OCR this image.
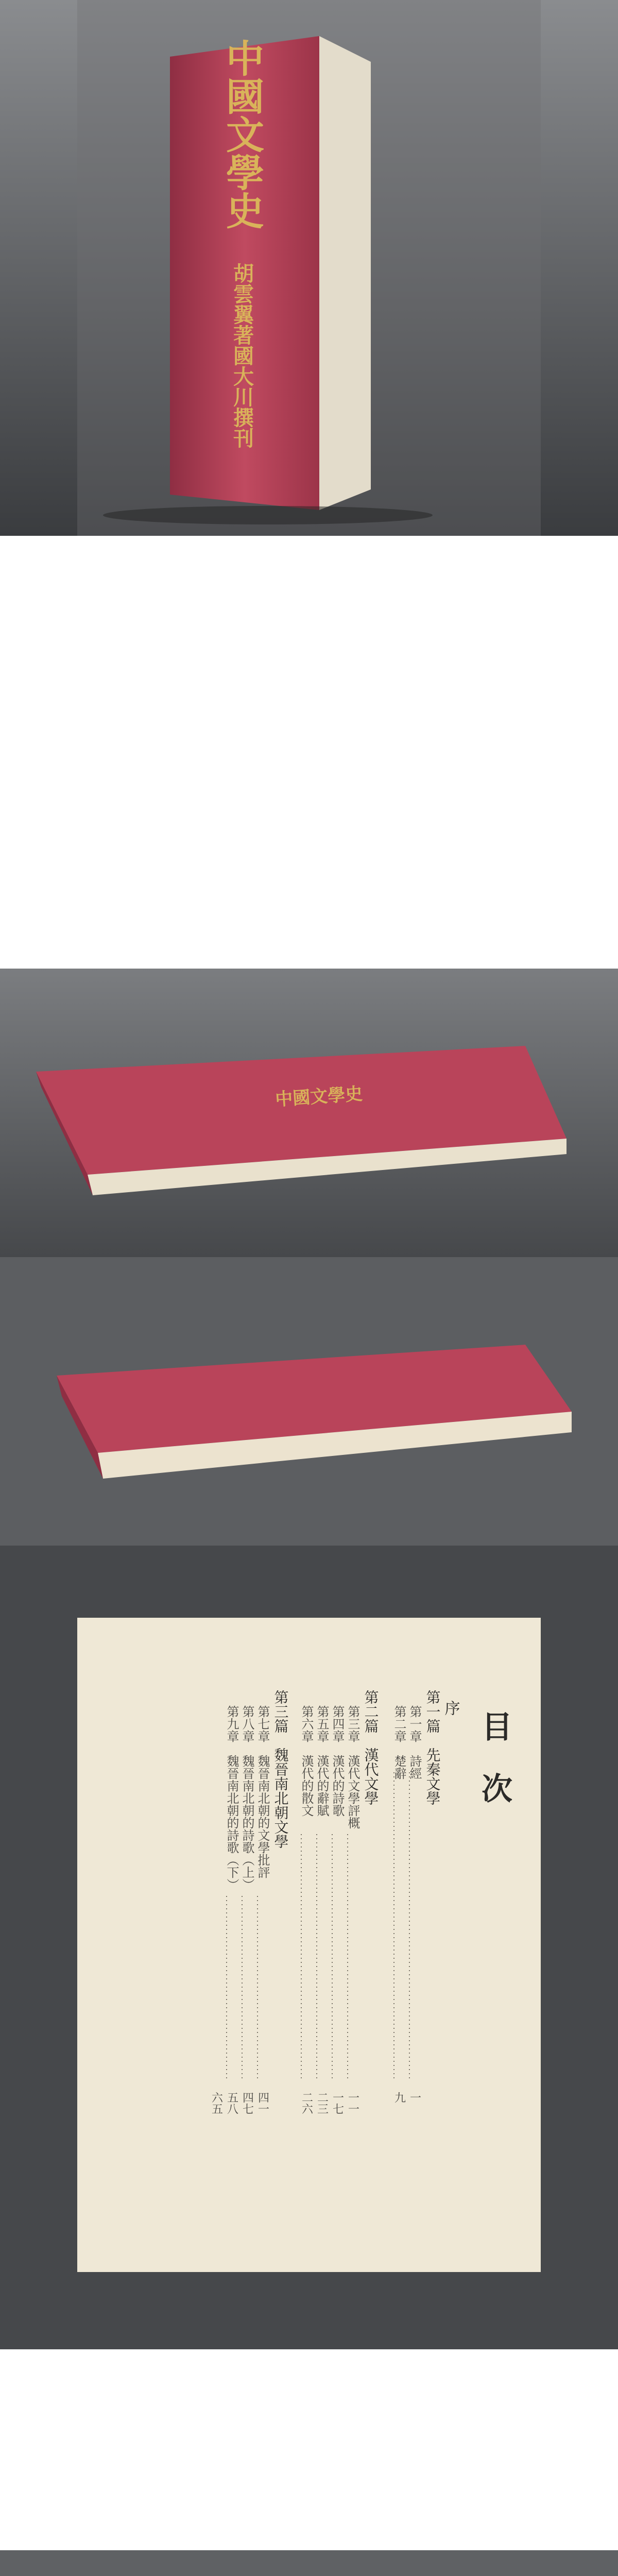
中國文學史
胡雲翼著
國大川撰刊
中國文學史
目　次
序
第一篇　先秦文學
第一章　詩經
第二章　楚辭
第二篇　漢代文學
第三章　漢代文學評概
第四章　漢代的詩歌
第五章　漢代的辭賦
第六章　漢代的散文
第三篇　魏晉南北朝文學
第七章　魏晉南北朝的文學批評
第八章　魏晉南北朝的詩歌（上）
第九章　魏晉南北朝的詩歌（下）
一
九
一一
一七
二三
二六
四一
四七
五八
六五
